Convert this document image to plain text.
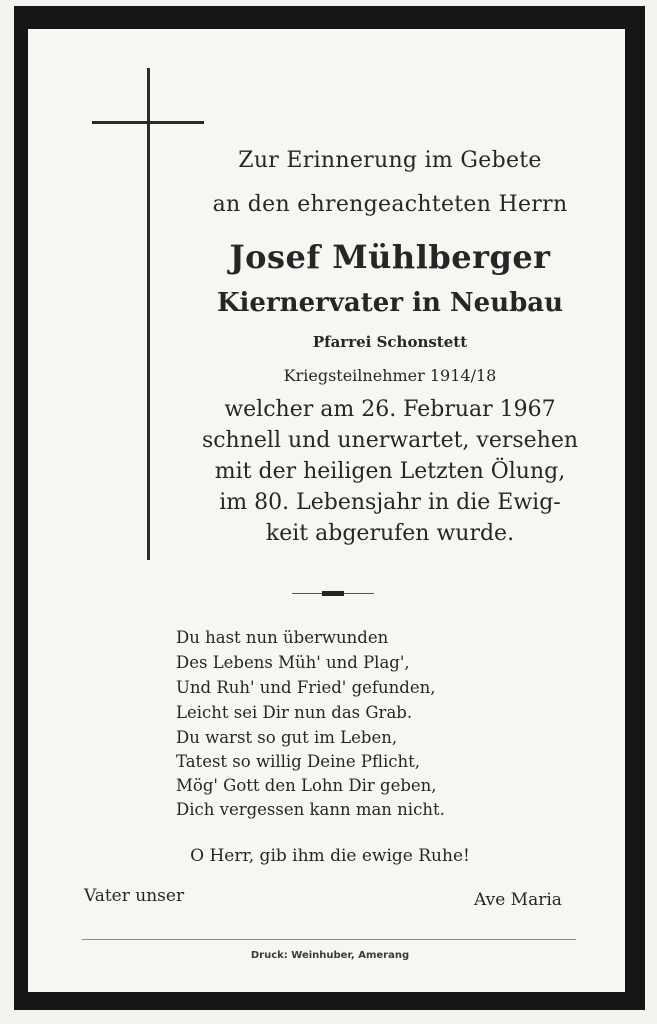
Zur Erinnerung im Gebete
an den ehrengeachteten Herrn
Josef Mühlberger
Kiernervater in Neubau
Pfarrei Schonstett
Kriegsteilnehmer 1914/18
welcher am 26. Februar 1967
schnell und unerwartet, versehen
mit der heiligen Letzten Ölung,
im 80. Lebensjahr in die Ewig-
keit abgerufen wurde.
Du hast nun überwunden
Des Lebens Müh' und Plag',
Und Ruh' und Fried' gefunden,
Leicht sei Dir nun das Grab.
Du warst so gut im Leben,
Tatest so willig Deine Pflicht,
Mög' Gott den Lohn Dir geben,
Dich vergessen kann man nicht.
O Herr, gib ihm die ewige Ruhe!
Vater unser	Ave Maria
Druck: Weinhuber, Amerang
